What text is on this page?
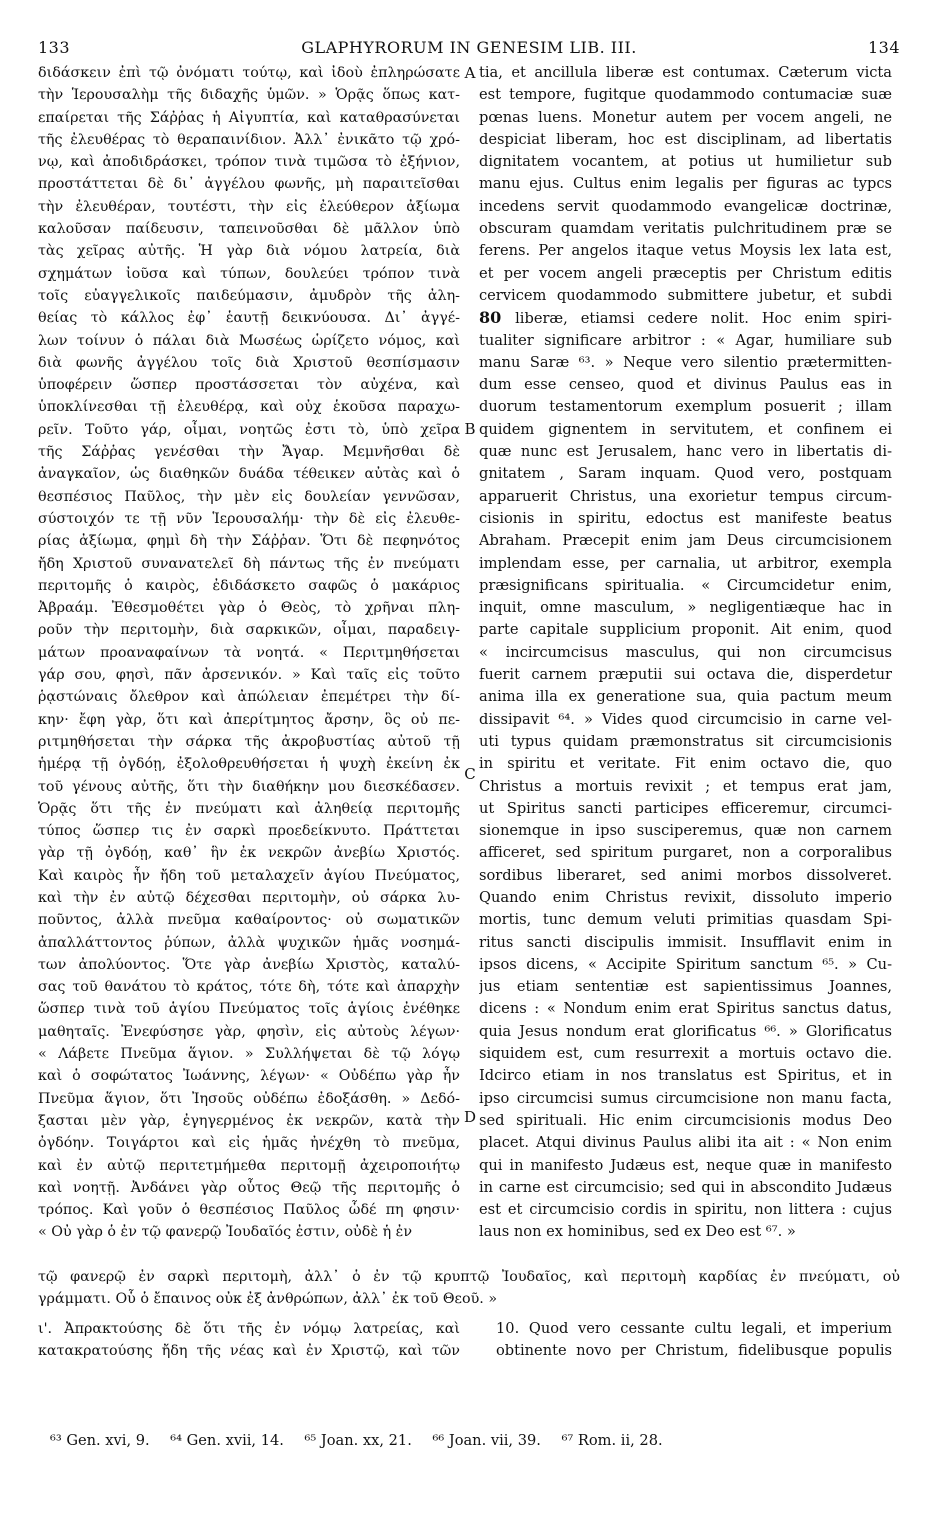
133	GLAPHYRORUM IN GENESIM LIB. III.	134
διδάσκειν ἐπὶ τῷ ὀνόματι τούτῳ, καὶ ἰδοὺ ἐπληρώσατε
τὴν Ἱερουσαλὴμ τῆς διδαχῆς ὑμῶν. » Ὁρᾷς ὅπως κατ-
επαίρεται τῆς Σάῤῥας ἡ Αἰγυπτία, καὶ καταθρασύνεται
τῆς ἐλευθέρας τὸ θεραπαινίδιον. Ἀλλ᾽ ἐνικᾶτο τῷ χρό-
νῳ, καὶ ἀποδιδράσκει, τρόπον τινὰ τιμῶσα τὸ ἐξήνιον,
προστάττεται δὲ δι᾽ ἀγγέλου φωνῆς, μὴ παραιτεῖσθαι
τὴν ἐλευθέραν, τουτέστι, τὴν εἰς ἐλεύθερον ἀξίωμα
καλοῦσαν παίδευσιν, ταπεινοῦσθαι δὲ μᾶλλον ὑπὸ
τὰς χεῖρας αὐτῆς. Ἡ γὰρ διὰ νόμου λατρεία, διὰ
σχημάτων ἰοῦσα καὶ τύπων, δουλεύει τρόπον τινὰ
τοῖς εὐαγγελικοῖς παιδεύμασιν, ἀμυδρὸν τῆς ἀλη-
θείας τὸ κάλλος ἐφ᾽ ἑαυτῇ δεικνύουσα. Δι᾽ ἀγγέ-
λων τοίνυν ὁ πάλαι διὰ Μωσέως ὡρίζετο νόμος, καὶ
διὰ φωνῆς ἀγγέλου τοῖς διὰ Χριστοῦ θεσπίσμασιν
ὑποφέρειν ὥσπερ προστάσσεται τὸν αὐχένα, καὶ
ὑποκλίνεσθαι τῇ ἐλευθέρᾳ, καὶ οὐχ ἑκοῦσα παραχω-
ρεῖν. Τοῦτο γάρ, οἶμαι, νοητῶς ἐστι τὸ, ὑπὸ χεῖρα
τῆς Σάῤῥας γενέσθαι τὴν Ἄγαρ. Μεμνῆσθαι δὲ
ἀναγκαῖον, ὡς διαθηκῶν δυάδα τέθεικεν αὐτὰς καὶ ὁ
θεσπέσιος Παῦλος, τὴν μὲν εἰς δουλείαν γεννῶσαν,
σύστοιχόν τε τῇ νῦν Ἱερουσαλήμ· τὴν δὲ εἰς ἐλευθε-
ρίας ἀξίωμα, φημὶ δὴ τὴν Σάῤῥαν. Ὅτι δὲ πεφηνότος
ἤδη Χριστοῦ συνανατελεῖ δὴ πάντως τῆς ἐν πνεύματι
περιτομῆς ὁ καιρὸς, ἐδιδάσκετο σαφῶς ὁ μακάριος
Ἀβραάμ. Ἐθεσμοθέτει γὰρ ὁ Θεὸς, τὸ χρῆναι πλη-
ροῦν τὴν περιτομὴν, διὰ σαρκικῶν, οἶμαι, παραδειγ-
μάτων προαναφαίνων τὰ νοητά. « Περιτμηθήσεται
γάρ σου, φησὶ, πᾶν ἀρσενικόν. » Καὶ ταῖς εἰς τοῦτο
ῥᾳστώναις ὄλεθρον καὶ ἀπώλειαν ἐπεμέτρει τὴν δί-
κην· ἔφη γὰρ, ὅτι καὶ ἀπερίτμητος ἄρσην, ὃς οὐ πε-
ριτμηθήσεται τὴν σάρκα τῆς ἀκροβυστίας αὐτοῦ τῇ
ἡμέρᾳ τῇ ὀγδόῃ, ἐξολοθρευθήσεται ἡ ψυχὴ ἐκείνη ἐκ
τοῦ γένους αὐτῆς, ὅτι τὴν διαθήκην μου διεσκέδασεν.
Ὁρᾷς ὅτι τῆς ἐν πνεύματι καὶ ἀληθείᾳ περιτομῆς
τύπος ὥσπερ τις ἐν σαρκὶ προεδείκνυτο. Πράττεται
γὰρ τῇ ὀγδόῃ, καθ᾽ ἣν ἐκ νεκρῶν ἀνεβίω Χριστός.
Καὶ καιρὸς ἦν ἤδη τοῦ μεταλαχεῖν ἁγίου Πνεύματος,
καὶ τὴν ἐν αὐτῷ δέχεσθαι περιτομὴν, οὐ σάρκα λυ-
ποῦντος, ἀλλὰ πνεῦμα καθαίροντος· οὐ σωματικῶν
ἀπαλλάττοντος ῥύπων, ἀλλὰ ψυχικῶν ἡμᾶς νοσημά-
των ἀπολύοντος. Ὅτε γὰρ ἀνεβίω Χριστὸς, καταλύ-
σας τοῦ θανάτου τὸ κράτος, τότε δὴ, τότε καὶ ἀπαρχὴν
ὥσπερ τινὰ τοῦ ἁγίου Πνεύματος τοῖς ἁγίοις ἐνέθηκε
μαθηταῖς. Ἐνεφύσησε γὰρ, φησὶν, εἰς αὐτοὺς λέγων·
« Λάβετε Πνεῦμα ἅγιον. » Συλλήψεται δὲ τῷ λόγῳ
καὶ ὁ σοφώτατος Ἰωάννης, λέγων· « Οὐδέπω γὰρ ἦν
Πνεῦμα ἅγιον, ὅτι Ἰησοῦς οὐδέπω ἐδοξάσθη. » Δεδό-
ξασται μὲν γὰρ, ἐγηγερμένος ἐκ νεκρῶν, κατὰ τὴν
ὀγδόην. Τοιγάρτοι καὶ εἰς ἡμᾶς ἠνέχθη τὸ πνεῦμα,
καὶ ἐν αὐτῷ περιτετμήμεθα περιτομῇ ἀχειροποιήτῳ
καὶ νοητῇ. Ἀνδάνει γὰρ οὗτος Θεῷ τῆς περιτομῆς ὁ
τρόπος. Καὶ γοῦν ὁ θεσπέσιος Παῦλος ὧδέ πη φησιν·
« Οὐ γὰρ ὁ ἐν τῷ φανερῷ Ἰουδαῖός ἐστιν, οὐδὲ ἡ ἐν
tia, et ancillula liberæ est contumax. Cæterum victa
est tempore, fugitque quodammodo contumaciæ suæ
pœnas luens. Monetur autem per vocem angeli, ne
despiciat liberam, hoc est disciplinam, ad libertatis
dignitatem vocantem, at potius ut humilietur sub
manu ejus. Cultus enim legalis per figuras ac typcs
incedens servit quodammodo evangelicæ doctrinæ,
obscuram quamdam veritatis pulchritudinem præ se
ferens. Per angelos itaque vetus Moysis lex lata est,
et per vocem angeli præceptis per Christum editis
cervicem quodammodo submittere jubetur, et subdi
80 liberæ, etiamsi cedere nolit. Hoc enim spiri-
tualiter significare arbitror : « Agar, humiliare sub
manu Saræ ⁶³. » Neque vero silentio prætermitten-
dum esse censeo, quod et divinus Paulus eas in
duorum testamentorum exemplum posuerit ; illam
quidem gignentem in servitutem, et confinem ei
quæ nunc est Jerusalem, hanc vero in libertatis di-
gnitatem , Saram inquam. Quod vero, postquam
apparuerit Christus, una exorietur tempus circum-
cisionis in spiritu, edoctus est manifeste beatus
Abraham. Præcepit enim jam Deus circumcisionem
implendam esse, per carnalia, ut arbitror, exempla
præsignificans spiritualia. « Circumcidetur enim,
inquit, omne masculum, » negligentiæque hac in
parte capitale supplicium proponit. Ait enim, quod
« incircumcisus masculus, qui non circumcisus
fuerit carnem præputii sui octava die, disperdetur
anima illa ex generatione sua, quia pactum meum
dissipavit ⁶⁴. » Vides quod circumcisio in carne vel-
uti typus quidam præmonstratus sit circumcisionis
in spiritu et veritate. Fit enim octavo die, quo
Christus a mortuis revixit ; et tempus erat jam,
ut Spiritus sancti participes efficeremur, circumci-
sionemque in ipso susciperemus, quæ non carnem
afficeret, sed spiritum purgaret, non a corporalibus
sordibus liberaret, sed animi morbos dissolveret.
Quando enim Christus revixit, dissoluto imperio
mortis, tunc demum veluti primitias quasdam Spi-
ritus sancti discipulis immisit. Insufflavit enim in
ipsos dicens, « Accipite Spiritum sanctum ⁶⁵. » Cu-
jus etiam sententiæ est sapientissimus Joannes,
dicens : « Nondum enim erat Spiritus sanctus datus,
quia Jesus nondum erat glorificatus ⁶⁶. » Glorificatus
siquidem est, cum resurrexit a mortuis octavo die.
Idcirco etiam in nos translatus est Spiritus, et in
ipso circumcisi sumus circumcisione non manu facta,
sed spirituali. Hic enim circumcisionis modus Deo
placet. Atqui divinus Paulus alibi ita ait : « Non enim
qui in manifesto Judæus est, neque quæ in manifesto
in carne est circumcisio; sed qui in abscondito Judæus
est et circumcisio cordis in spiritu, non littera : cujus
laus non ex hominibus, sed ex Deo est ⁶⁷. »
A
B
C
D
τῷ φανερῷ ἐν σαρκὶ περιτομὴ, ἀλλ᾽ ὁ ἐν τῷ κρυπτῷ Ἰουδαῖος, καὶ περιτομὴ καρδίας ἐν πνεύματι, οὐ
γράμματι. Οὗ ὁ ἔπαινος οὐκ ἐξ ἀνθρώπων, ἀλλ᾽ ἐκ τοῦ Θεοῦ. »
ι'. Ἀπρακτούσης δὲ ὅτι τῆς ἐν νόμῳ λατρείας, καὶ
κατακρατούσης ἤδη τῆς νέας καὶ ἐν Χριστῷ, καὶ τῶν
10. Quod vero cessante cultu legali, et imperium
obtinente novo per Christum, fidelibusque populis
⁶³ Gen. xvi, 9. ⁶⁴ Gen. xvii, 14. ⁶⁵ Joan. xx, 21. ⁶⁶ Joan. vii, 39. ⁶⁷ Rom. ii, 28.
